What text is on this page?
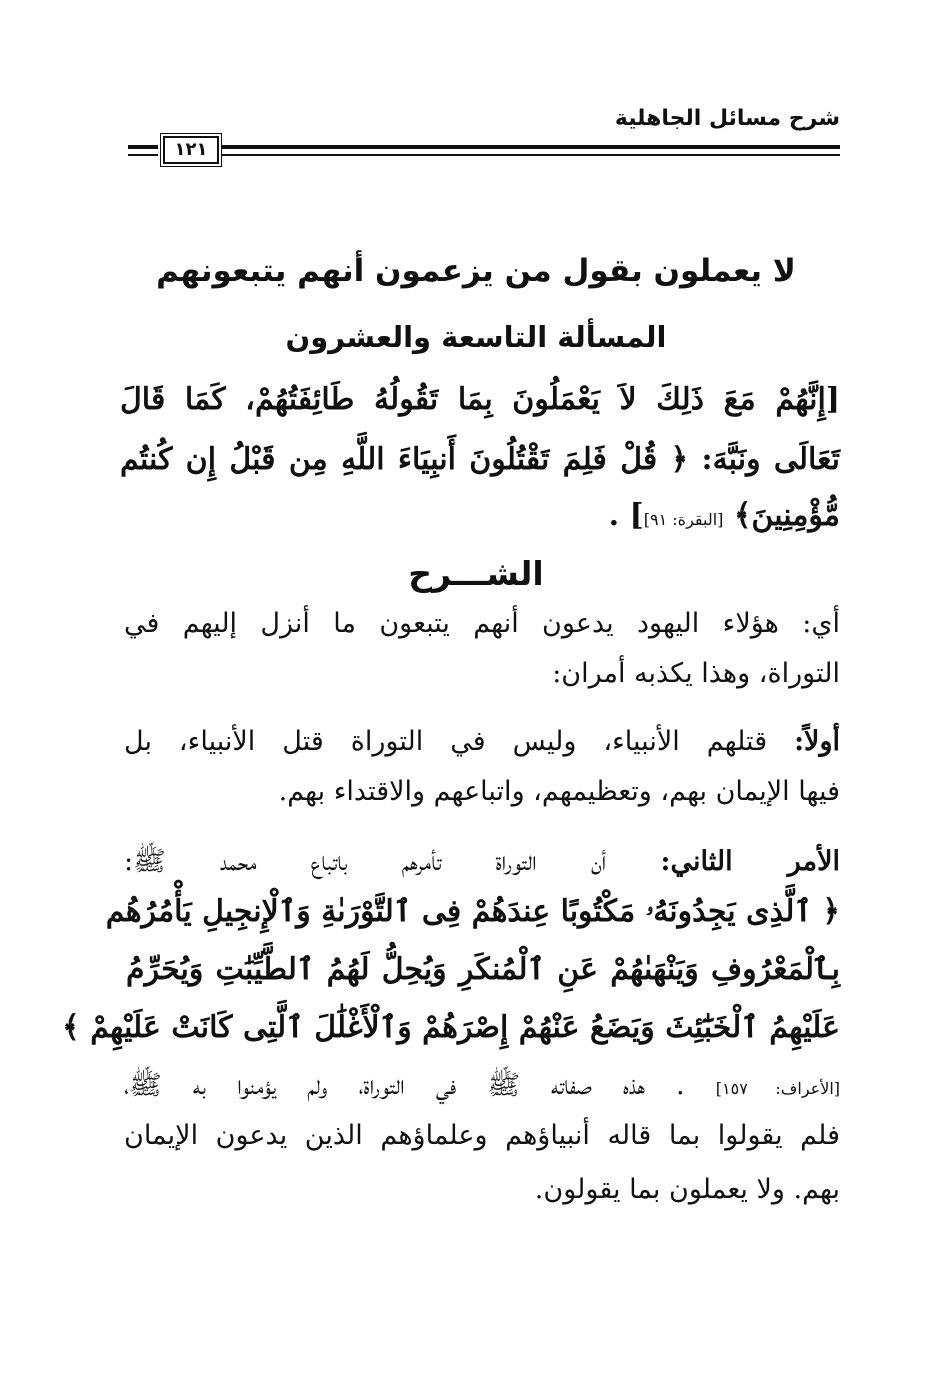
شرح مسائل الجاهلية
١٢١
لا يعملون بقول من يزعمون أنهم يتبعونهم
المسألة التاسعة والعشرون
[إِنَّهُمْ مَعَ ذَلِكَ لاَ يَعْمَلُونَ بِمَا تَقُولُهُ طَائِفَتُهُمْ، كَمَا قَالَ
تَعَالَى ونَبَّهَ: ﴿ قُلْ فَلِمَ تَقْتُلُونَ أَنبِيَاءَ اللَّهِ مِن قَبْلُ إِن كُنتُم
مُّؤْمِنِينَ﴾ [البقرة: ٩١]] .
الشـــرح
أي: هؤلاء اليهود يدعون أنهم يتبعون ما أنزل إليهم في
التوراة، وهذا يكذبه أمران:
أولاً: قتلهم الأنبياء، وليس في التوراة قتل الأنبياء، بل
فيها الإيمان بهم، وتعظيمهم، واتباعهم والاقتداء بهم.
الأمر الثاني: أن التوراة تأمرهم باتباع محمد ﷺ:
﴿ ٱلَّذِى يَجِدُونَهُۥ مَكْتُوبًا عِندَهُمْ فِى ٱلتَّوْرَىٰةِ وَٱلْإِنجِيلِ يَأْمُرُهُم
بِٱلْمَعْرُوفِ وَيَنْهَىٰهُمْ عَنِ ٱلْمُنكَرِ وَيُحِلُّ لَهُمُ ٱلطَّيِّبَٰتِ وَيُحَرِّمُ
عَلَيْهِمُ ٱلْخَبَٰٓئِثَ وَيَضَعُ عَنْهُمْ إِصْرَهُمْ وَٱلْأَغْلَٰلَ ٱلَّتِى كَانَتْ عَلَيْهِمْ ﴾
[الأعراف: ١٥٧] . هذه صفاته ﷺ في التوراة، ولم يؤمنوا به ﷺ،
فلم يقولوا بما قاله أنبياؤهم وعلماؤهم الذين يدعون الإيمان
بهم. ولا يعملون بما يقولون.
